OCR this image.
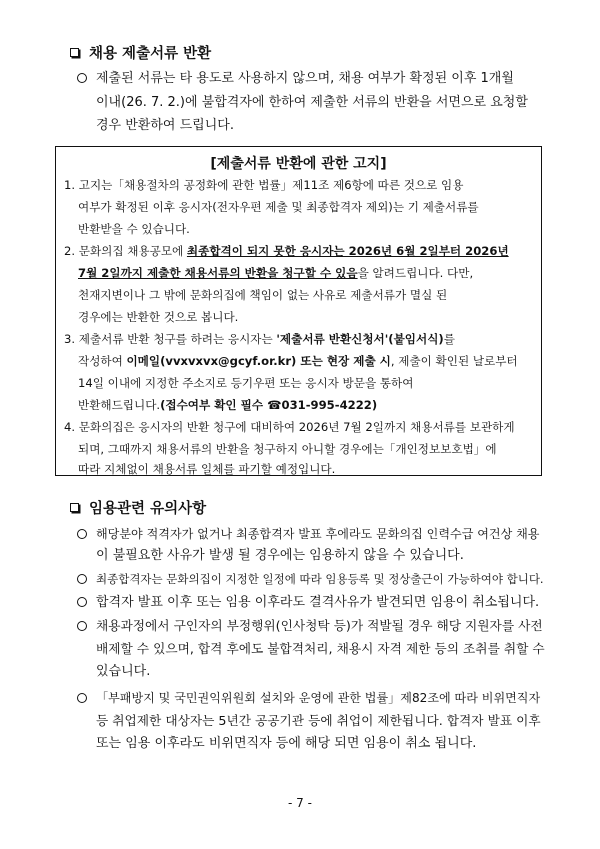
채용 제출서류 반환
제출된 서류는 타 용도로 사용하지 않으며, 채용 여부가 확정된 이후 1개월
이내(26. 7. 2.)에 불합격자에 한하여 제출한 서류의 반환을 서면으로 요청할
경우 반환하여 드립니다.
[제출서류 반환에 관한 고지]
1. 고지는「채용절차의 공정화에 관한 법률」제11조 제6항에 따른 것으로 임용
여부가 확정된 이후 응시자(전자우편 제출 및 최종합격자 제외)는 기 제출서류를
반환받을 수 있습니다.
2. 문화의집 채용공모에 최종합격이 되지 못한 응시자는 2026년 6월 2일부터 2026년
7월 2일까지 제출한 채용서류의 반환을 청구할 수 있음을 알려드립니다. 다만,
천재지변이나 그 밖에 문화의집에 책임이 없는 사유로 제출서류가 멸실 된
경우에는 반환한 것으로 봅니다.
3. 제출서류 반환 청구를 하려는 응시자는 '제출서류 반환신청서'(붙임서식)를
작성하여 이메일(vvxvxvx@gcyf.or.kr) 또는 현장 제출 시, 제출이 확인된 날로부터
14일 이내에 지정한 주소지로 등기우편 또는 응시자 방문을 통하여
반환해드립니다.(접수여부 확인 필수 ☎031-995-4222)
4. 문화의집은 응시자의 반환 청구에 대비하여 2026년 7월 2일까지 채용서류를 보관하게
되며, 그때까지 채용서류의 반환을 청구하지 아니할 경우에는「개인정보보호법」에
따라 지체없이 채용서류 일체를 파기할 예정입니다.
임용관련 유의사항
해당분야 적격자가 없거나 최종합격자 발표 후에라도 문화의집 인력수급 여건상 채용
이 불필요한 사유가 발생 될 경우에는 임용하지 않을 수 있습니다.
최종합격자는 문화의집이 지정한 일정에 따라 임용등록 및 정상출근이 가능하여야 합니다.
합격자 발표 이후 또는 임용 이후라도 결격사유가 발견되면 임용이 취소됩니다.
채용과정에서 구인자의 부정행위(인사청탁 등)가 적발될 경우 해당 지원자를 사전
배제할 수 있으며, 합격 후에도 불합격처리, 채용시 자격 제한 등의 조취를 취할 수
있습니다.
「부패방지 및 국민권익위원회 설치와 운영에 관한 법률」제82조에 따라 비위면직자
등 취업제한 대상자는 5년간 공공기관 등에 취업이 제한됩니다. 합격자 발표 이후
또는 임용 이후라도 비위면직자 등에 해당 되면 임용이 취소 됩니다.
- 7 -
